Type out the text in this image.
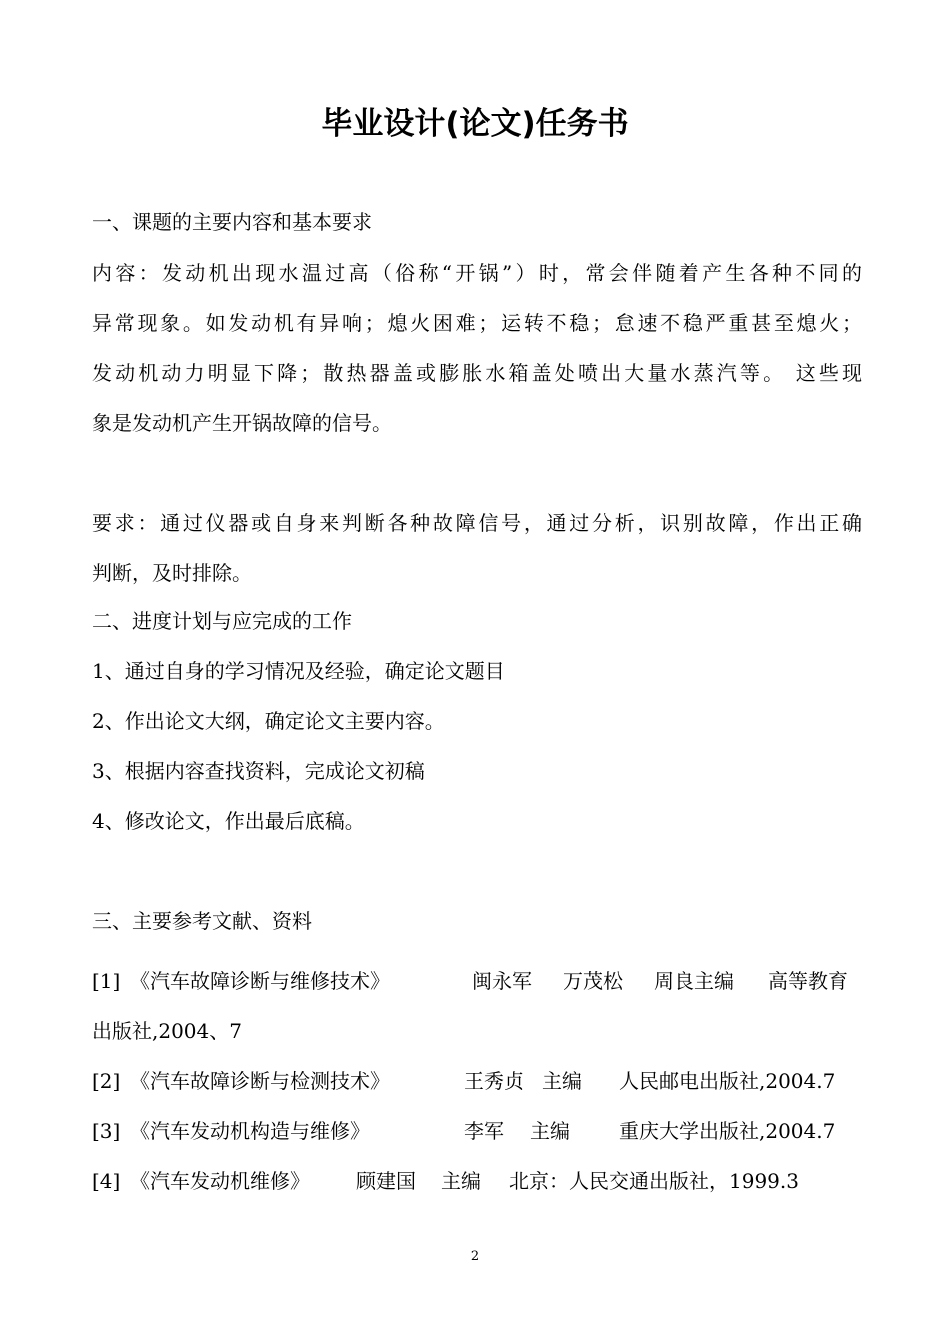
毕业设计(论文)任务书
一、课题的主要内容和基本要求
内容：发动机出现水温过高（俗称“开锅”）时，常会伴随着产生各种不同的
异常现象。如发动机有异响；熄火困难；运转不稳；怠速不稳严重甚至熄火；
发动机动力明显下降；散热器盖或膨胀水箱盖处喷出大量水蒸汽等。 这些现
象是发动机产生开锅故障的信号。
要求：通过仪器或自身来判断各种故障信号，通过分析，识别故障，作出正确
判断，及时排除。
二、进度计划与应完成的工作
1、通过自身的学习情况及经验，确定论文题目
2、作出论文大纲，确定论文主要内容。
3、根据内容查找资料，完成论文初稿
4、修改论文，作出最后底稿。
三、主要参考文献、资料
[1] 《汽车故障诊断与维修技术》	闽永军 万茂松 周良主编 高等教育
出版社,2004、7
[2] 《汽车故障诊断与检测技术》	王秀贞 主编 人民邮电出版社,2004.7
[3] 《汽车发动机构造与维修》	李军 主编 重庆大学出版社,2004.7
[4] 《汽车发动机维修》 顾建国 主编 北京：人民交通出版社，1999.3
2
